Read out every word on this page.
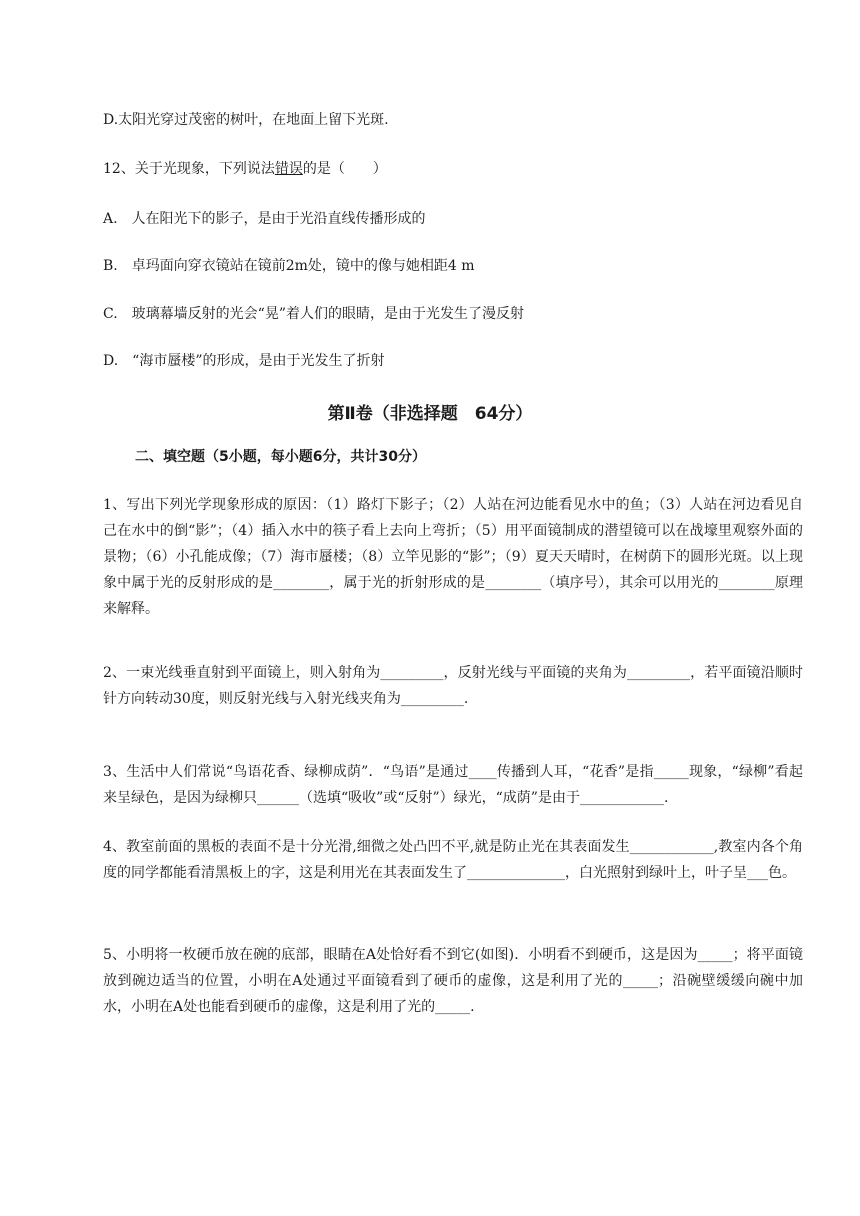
D.太阳光穿过茂密的树叶，在地面上留下光斑.
12、关于光现象，下列说法错误的是（　　）
A.　人在阳光下的影子，是由于光沿直线传播形成的
B.　卓玛面向穿衣镜站在镜前2m处，镜中的像与她相距4 m
C.　玻璃幕墙反射的光会“晃”着人们的眼睛，是由于光发生了漫反射
D.　“海市蜃楼”的形成，是由于光发生了折射
第Ⅱ卷（非选择题　64分）
二、填空题（5小题，每小题6分，共计30分）
1、写出下列光学现象形成的原因：（1）路灯下影子；（2）人站在河边能看见水中的鱼；（3）人站在河边看见自己在水中的倒“影”；（4）插入水中的筷子看上去向上弯折；（5）用平面镜制成的潜望镜可以在战壕里观察外面的景物；（6）小孔能成像；（7）海市蜃楼；（8）立竿见影的“影”；（9）夏天天晴时，在树荫下的圆形光斑。以上现象中属于光的反射形成的是________，属于光的折射形成的是________（填序号），其余可以用光的________原理来解释。
2、一束光线垂直射到平面镜上，则入射角为_________，反射光线与平面镜的夹角为_________，若平面镜沿顺时针方向转动30度，则反射光线与入射光线夹角为_________.
3、生活中人们常说“鸟语花香、绿柳成荫”．“鸟语”是通过____传播到人耳，“花香”是指_____现象，“绿柳”看起来呈绿色，是因为绿柳只______（选填“吸收”或“反射”）绿光，“成荫”是由于____________.
4、教室前面的黑板的表面不是十分光滑,细微之处凸凹不平,就是防止光在其表面发生____________,教室内各个角度的同学都能看清黑板上的字，这是利用光在其表面发生了______________，白光照射到绿叶上，叶子呈___色。
5、小明将一枚硬币放在碗的底部，眼睛在A处恰好看不到它(如图)．小明看不到硬币，这是因为_____；将平面镜放到碗边适当的位置，小明在A处通过平面镜看到了硬币的虚像，这是利用了光的_____；沿碗壁缓缓向碗中加水，小明在A处也能看到硬币的虚像，这是利用了光的_____.
